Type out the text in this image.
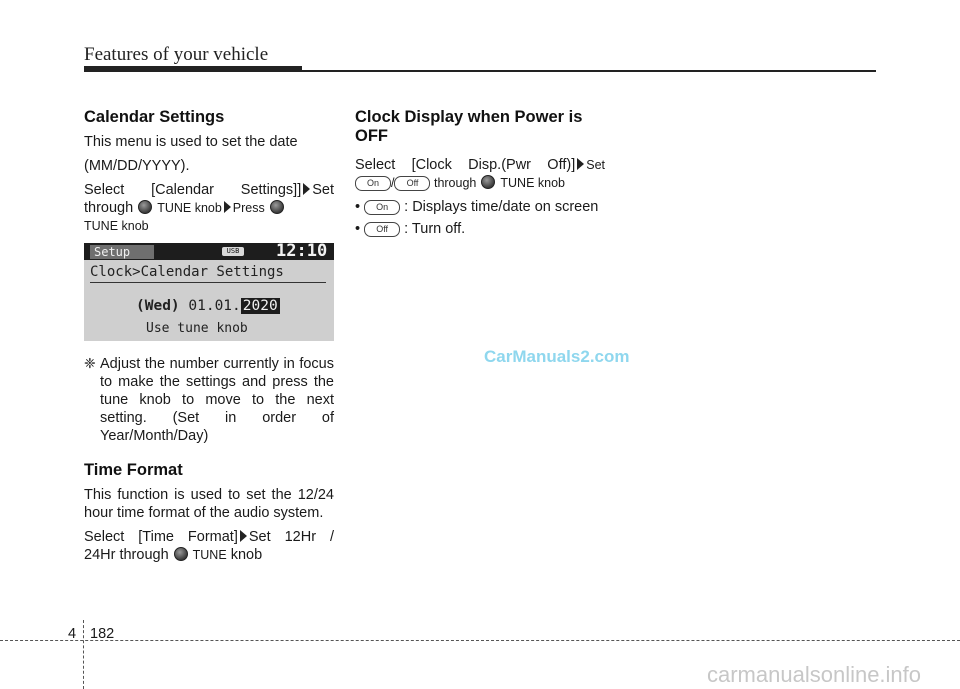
Features of your vehicle
Calendar Settings

This menu is used to set the date

(MM/DD/YYYY).

Select [Calendar Settings]] Set

through TUNE knob Press

TUNE knob

Setup	USB 12:10
Clock>Calendar Settings
(Wed) 01.01. 2020
Use tune knob
❈ Adjust the number currently in focus to make the settings and press the tune knob to move to the next setting. (Set in order of Year/Month/Day)

Time Format

This function is used to set the 12/24 hour time format of the audio system.

Select [Time Format] Set 12Hr /

24Hr through TUNE knob

Clock Display when Power is OFF

Select [Clock Disp.(Pwr Off)] Set

On / Off through TUNE knob

• On : Displays time/date on screen

• Off : Turn off.

CarManuals2.com
4 182
carmanualsonline.info
